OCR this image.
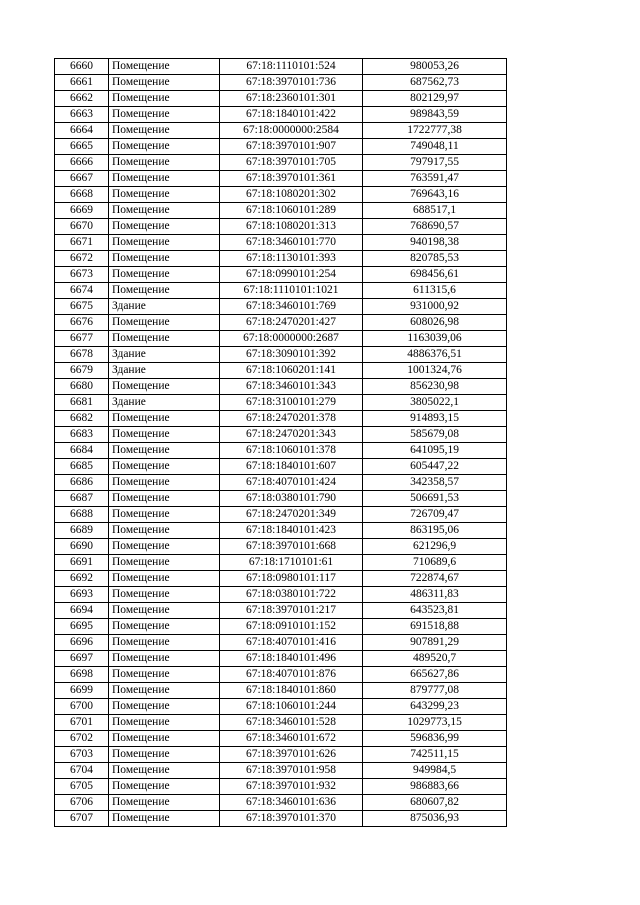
6660	Помещение	67:18:1110101:524	980053,26
6661	Помещение	67:18:3970101:736	687562,73
6662	Помещение	67:18:2360101:301	802129,97
6663	Помещение	67:18:1840101:422	989843,59
6664	Помещение	67:18:0000000:2584	1722777,38
6665	Помещение	67:18:3970101:907	749048,11
6666	Помещение	67:18:3970101:705	797917,55
6667	Помещение	67:18:3970101:361	763591,47
6668	Помещение	67:18:1080201:302	769643,16
6669	Помещение	67:18:1060101:289	688517,1
6670	Помещение	67:18:1080201:313	768690,57
6671	Помещение	67:18:3460101:770	940198,38
6672	Помещение	67:18:1130101:393	820785,53
6673	Помещение	67:18:0990101:254	698456,61
6674	Помещение	67:18:1110101:1021	611315,6
6675	Здание	67:18:3460101:769	931000,92
6676	Помещение	67:18:2470201:427	608026,98
6677	Помещение	67:18:0000000:2687	1163039,06
6678	Здание	67:18:3090101:392	4886376,51
6679	Здание	67:18:1060201:141	1001324,76
6680	Помещение	67:18:3460101:343	856230,98
6681	Здание	67:18:3100101:279	3805022,1
6682	Помещение	67:18:2470201:378	914893,15
6683	Помещение	67:18:2470201:343	585679,08
6684	Помещение	67:18:1060101:378	641095,19
6685	Помещение	67:18:1840101:607	605447,22
6686	Помещение	67:18:4070101:424	342358,57
6687	Помещение	67:18:0380101:790	506691,53
6688	Помещение	67:18:2470201:349	726709,47
6689	Помещение	67:18:1840101:423	863195,06
6690	Помещение	67:18:3970101:668	621296,9
6691	Помещение	67:18:1710101:61	710689,6
6692	Помещение	67:18:0980101:117	722874,67
6693	Помещение	67:18:0380101:722	486311,83
6694	Помещение	67:18:3970101:217	643523,81
6695	Помещение	67:18:0910101:152	691518,88
6696	Помещение	67:18:4070101:416	907891,29
6697	Помещение	67:18:1840101:496	489520,7
6698	Помещение	67:18:4070101:876	665627,86
6699	Помещение	67:18:1840101:860	879777,08
6700	Помещение	67:18:1060101:244	643299,23
6701	Помещение	67:18:3460101:528	1029773,15
6702	Помещение	67:18:3460101:672	596836,99
6703	Помещение	67:18:3970101:626	742511,15
6704	Помещение	67:18:3970101:958	949984,5
6705	Помещение	67:18:3970101:932	986883,66
6706	Помещение	67:18:3460101:636	680607,82
6707	Помещение	67:18:3970101:370	875036,93
